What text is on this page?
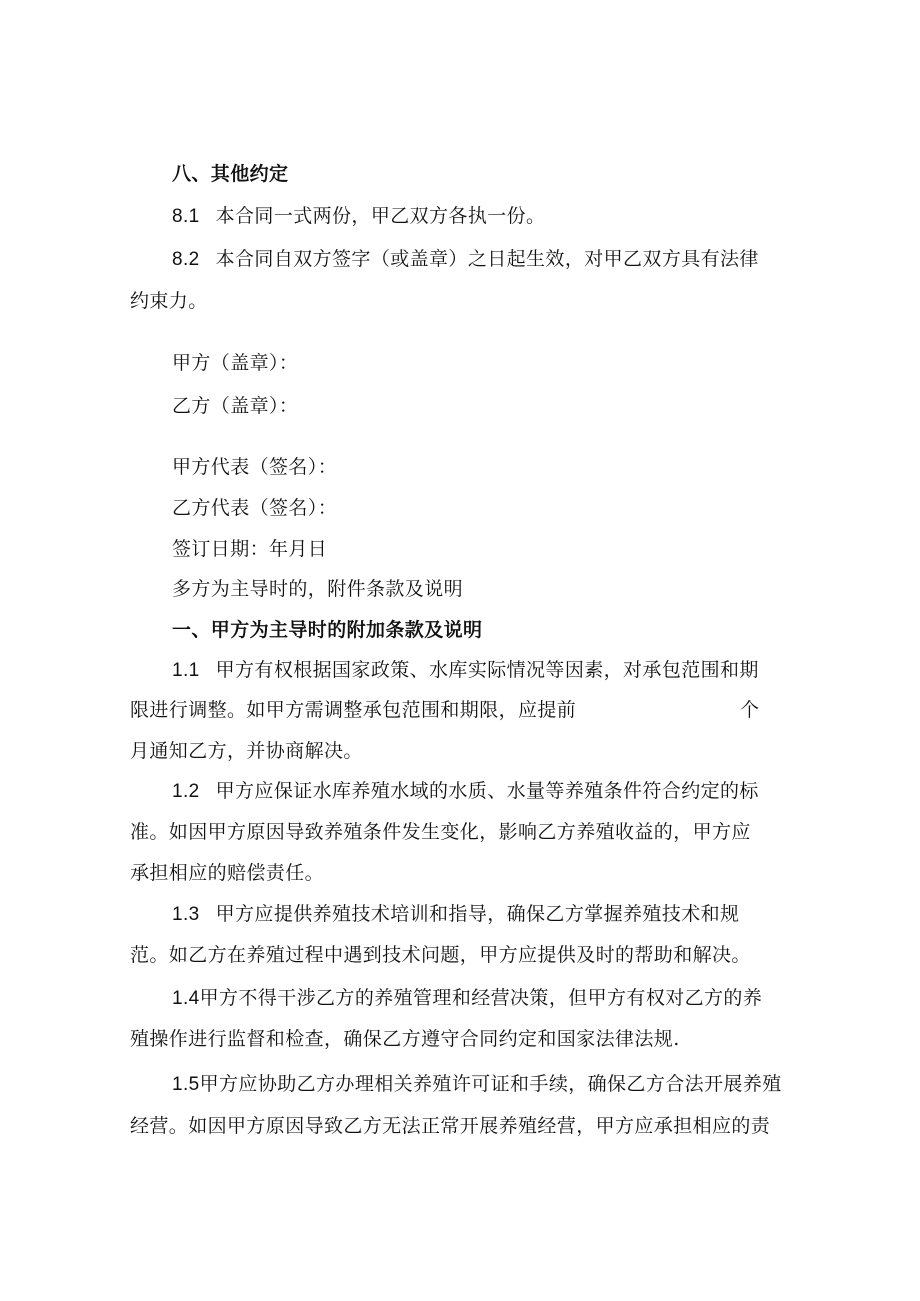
八、其他约定
8.1 本合同一式两份，甲乙双方各执一份。
8.2 本合同自双方签字（或盖章）之日起生效，对甲乙双方具有法律
约束力。
甲方（盖章）：
乙方（盖章）：
甲方代表（签名）：
乙方代表（签名）：
签订日期：年月日
多方为主导时的，附件条款及说明
一、甲方为主导时的附加条款及说明
1.1 甲方有权根据国家政策、水库实际情况等因素，对承包范围和期
限进行调整。如甲方需调整承包范围和期限，应提前	个
月通知乙方，并协商解决。
1.2 甲方应保证水库养殖水域的水质、水量等养殖条件符合约定的标
准。如因甲方原因导致养殖条件发生变化，影响乙方养殖收益的，甲方应
承担相应的赔偿责任。
1.3 甲方应提供养殖技术培训和指导，确保乙方掌握养殖技术和规
范。如乙方在养殖过程中遇到技术问题，甲方应提供及时的帮助和解决。
1.4甲方不得干涉乙方的养殖管理和经营决策，但甲方有权对乙方的养
殖操作进行监督和检查，确保乙方遵守合同约定和国家法律法规.
1.5甲方应协助乙方办理相关养殖许可证和手续，确保乙方合法开展养殖
经营。如因甲方原因导致乙方无法正常开展养殖经营，甲方应承担相应的责
